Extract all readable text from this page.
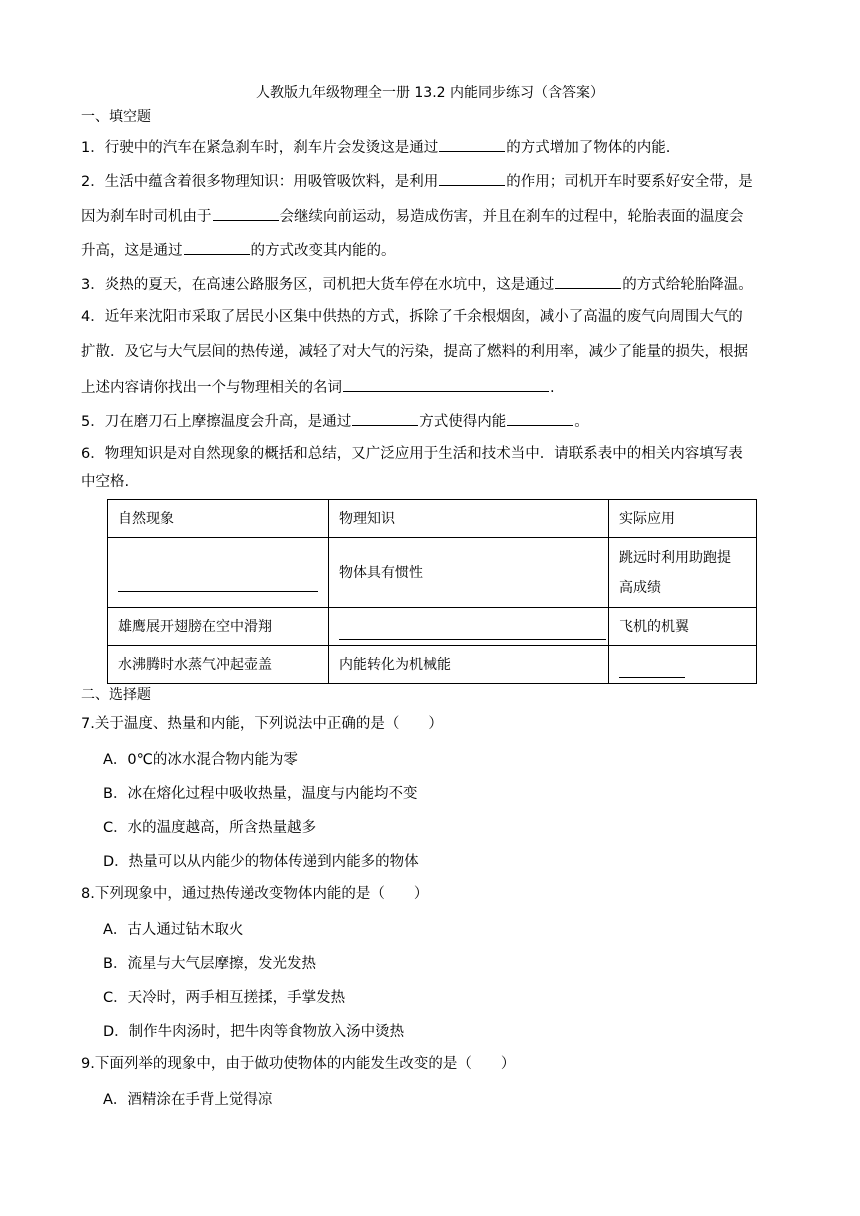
人教版九年级物理全一册 13.2 内能同步练习（含答案）
一、填空题
1．行驶中的汽车在紧急刹车时，刹车片会发烫这是通过	的方式增加了物体的内能.
2．生活中蕴含着很多物理知识：用吸管吸饮料，是利用	的作用；司机开车时要系好安全带，是
因为刹车时司机由于	会继续向前运动，易造成伤害，并且在刹车的过程中，轮胎表面的温度会
升高，这是通过	的方式改变其内能的。
3．炎热的夏天，在高速公路服务区，司机把大货车停在水坑中，这是通过	的方式给轮胎降温。
4．近年来沈阳市采取了居民小区集中供热的方式，拆除了千余根烟囱，减小了高温的废气向周围大气的
扩散．及它与大气层间的热传递，减轻了对大气的污染，提高了燃料的利用率，减少了能量的损失，根据
上述内容请你找出一个与物理相关的名词	.
5．刀在磨刀石上摩擦温度会升高，是通过	方式使得内能	。
6．物理知识是对自然现象的概括和总结，又广泛应用于生活和技术当中．请联系表中的相关内容填写表
中空格.
自然现象	物理知识	实际应用

	物体具有惯性	跳远时利用助跑提
高成绩

雄鹰展开翅膀在空中滑翔		飞机的机翼
水沸腾时水蒸气冲起壶盖	内能转化为机械能	
二、选择题
7.关于温度、热量和内能，下列说法中正确的是（　　）
A．0℃的冰水混合物内能为零
B．冰在熔化过程中吸收热量，温度与内能均不变
C．水的温度越高，所含热量越多
D．热量可以从内能少的物体传递到内能多的物体
8.下列现象中，通过热传递改变物体内能的是（　　）
A．古人通过钻木取火
B．流星与大气层摩擦，发光发热
C．天冷时，两手相互搓揉，手掌发热
D．制作牛肉汤时，把牛肉等食物放入汤中烫热
9.下面列举的现象中，由于做功使物体的内能发生改变的是（　　）
A．酒精涂在手背上觉得凉
